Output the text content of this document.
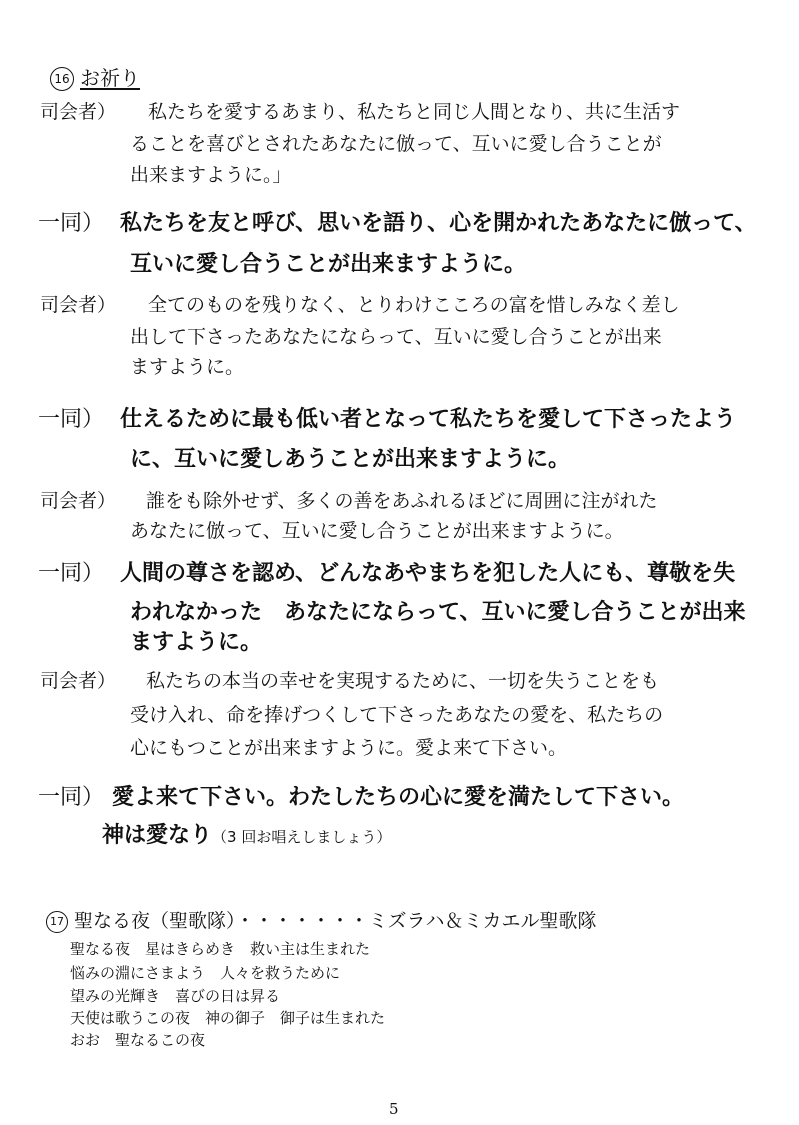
16 お祈り
司会者） 私たちを愛するあまり、私たちと同じ人間となり、共に生活す
ることを喜びとされたあなたに倣って、互いに愛し合うことが
出来ますように。」
一同） 私たちを友と呼び、思いを語り、心を開かれたあなたに倣って、
互いに愛し合うことが出来ますように。
司会者） 全てのものを残りなく、とりわけこころの富を惜しみなく差し
出して下さったあなたにならって、互いに愛し合うことが出来
ますように。
一同） 仕えるために最も低い者となって私たちを愛して下さったよう
に、互いに愛しあうことが出来ますように。
司会者） 誰をも除外せず、多くの善をあふれるほどに周囲に注がれた
あなたに倣って、互いに愛し合うことが出来ますように。
一同） 人間の尊さを認め、どんなあやまちを犯した人にも、尊敬を失
われなかった　あなたにならって、互いに愛し合うことが出来
ますように。
司会者） 私たちの本当の幸せを実現するために、一切を失うことをも
受け入れ、命を捧げつくして下さったあなたの愛を、私たちの
心にもつことが出来ますように。愛よ来て下さい。
一同） 愛よ来て下さい。わたしたちの心に愛を満たして下さい。
神は愛なり（3 回お唱えしましょう）
17 聖なる夜（聖歌隊）・・・・・・・ミズラハ＆ミカエル聖歌隊
聖なる夜　星はきらめき　救い主は生まれた
悩みの淵にさまよう　人々を救うために
望みの光輝き　喜びの日は昇る
天使は歌うこの夜　神の御子　御子は生まれた
おお　聖なるこの夜
5
